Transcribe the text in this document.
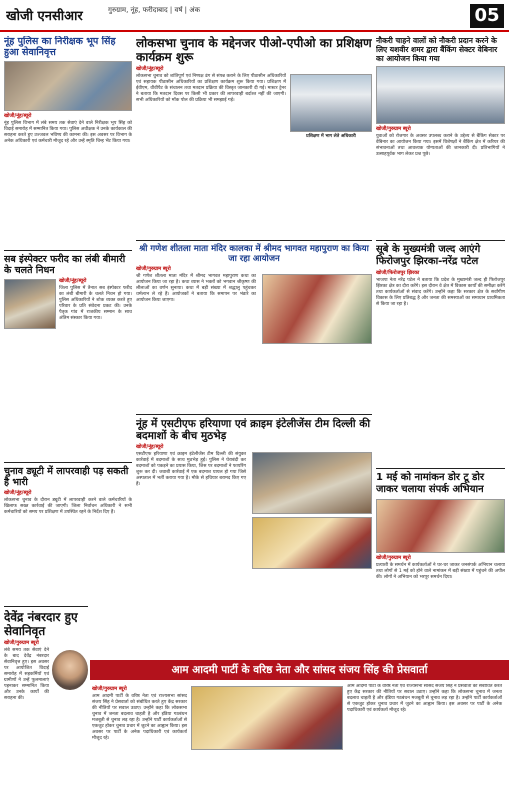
खोजी एनसीआर	गुरुग्राम, नूंह, फरीदाबाद | वर्ष | अंक	05
नूंह पुलिस का निरीक्षक भूप सिंह हुआ सेवानिवृत्त
खोजी/नूंह/ब्यूरो
नूंह पुलिस विभाग में लंबे समय तक सेवाएं देने वाले निरीक्षक भूप सिंह को विदाई समारोह में सम्मानित किया गया। पुलिस अधीक्षक ने उनके कार्यकाल की सराहना करते हुए उज्जवल भविष्य की कामना की। इस अवसर पर विभाग के अनेक अधिकारी एवं कर्मचारी मौजूद रहे और उन्हें स्मृति चिन्ह भेंट किया गया।
सब इंस्पेक्टर फरीद का लंबी बीमारी के चलते निधन
खोजी/नूंह/ब्यूरो
जिला पुलिस में तैनात सब इंस्पेक्टर फरीद का लंबी बीमारी के चलते निधन हो गया। पुलिस अधिकारियों ने शोक व्यक्त करते हुए परिवार के प्रति संवेदना प्रकट की। उनके पैतृक गांव में राजकीय सम्मान के साथ अंतिम संस्कार किया गया।
चुनाव ड्यूटी में लापरवाही पड़ सकती है भारी
खोजी/नूंह/ब्यूरो
लोकसभा चुनाव के दौरान ड्यूटी में लापरवाही करने वाले कर्मचारियों के खिलाफ सख्त कार्रवाई की जाएगी। जिला निर्वाचन अधिकारी ने सभी कर्मचारियों को समय पर प्रशिक्षण में उपस्थित रहने के निर्देश दिए हैं।
देवेंद्र नंबरदार हुए सेवानिवृत
खोजी/गुरुग्राम ब्यूरो
लंबे समय तक सेवाएं देने के बाद देवेंद्र नंबरदार सेवानिवृत्त हुए। इस अवसर पर आयोजित विदाई समारोह में सहकर्मियों एवं ग्रामीणों ने उन्हें फूलमालाएं पहनाकर सम्मानित किया और उनके कार्यों की सराहना की।
लोकसभा चुनाव के मद्देनजर पीओ-एपीओ का प्रशिक्षण कार्यक्रम शुरू
खोजी/नूंह/ब्यूरो
लोकसभा चुनाव को शांतिपूर्ण एवं निष्पक्ष ढंग से संपन्न कराने के लिए पीठासीन अधिकारियों एवं सहायक पीठासीन अधिकारियों का प्रशिक्षण कार्यक्रम शुरू किया गया। प्रशिक्षण में ईवीएम, वीवीपैट के संचालन तथा मतदान प्रक्रिया की विस्तृत जानकारी दी गई। मास्टर ट्रेनर ने बताया कि मतदान दिवस पर किसी भी प्रकार की लापरवाही बर्दाश्त नहीं की जाएगी। सभी अधिकारियों को मॉक पोल की प्रक्रिया भी समझाई गई।
प्रशिक्षण में भाग लेते अधिकारी
श्री गणेश शीतला माता मंदिर कालका में श्रीमद भागवत महापुराण का किया जा रहा आयोजन
खोजी/गुरुग्राम ब्यूरो
श्री गणेश शीतला माता मंदिर में श्रीमद भागवत महापुराण कथा का आयोजन किया जा रहा है। कथा व्यास ने भक्तों को भगवान श्रीकृष्ण की लीलाओं का वर्णन सुनाया। कथा में बड़ी संख्या में श्रद्धालु पहुंचकर धर्मलाभ ले रहे हैं। आयोजकों ने बताया कि समापन पर भंडारे का आयोजन किया जाएगा।
नूंह में एसटीएफ हरियाणा एवं क्राइम इंटेलीजेंस टीम दिल्ली की बदमाशों के बीच मुठभेड़
खोजी/नूंह/ब्यूरो
एसटीएफ हरियाणा एवं क्राइम इंटेलीजेंस टीम दिल्ली की संयुक्त कार्रवाई में बदमाशों के साथ मुठभेड़ हुई। पुलिस ने घेराबंदी कर बदमाशों को पकड़ने का प्रयास किया, जिस पर बदमाशों ने फायरिंग शुरू कर दी। जवाबी कार्रवाई में एक बदमाश घायल हो गया जिसे अस्पताल में भर्ती कराया गया है। मौके से हथियार बरामद किए गए हैं।
नौकरी चाहने वालों को नौकरी प्रदान करने के लिए यशवीर शमर द्वारा बैंकिंग सेक्टर वेबिनार का आयोजन किया गया
खोजी/गुरुग्राम ब्यूरो
युवाओं को रोजगार के अवसर उपलब्ध कराने के उद्देश्य से बैंकिंग सेक्टर पर वेबिनार का आयोजन किया गया। इसमें विशेषज्ञों ने बैंकिंग क्षेत्र में करियर की संभावनाओं तथा आवश्यक योग्यताओं की जानकारी दी। प्रतिभागियों ने उत्साहपूर्वक भाग लेकर प्रश्न पूछे।
सूबे के मुख्यमंत्री जल्द आएंगे फिरोजपुर झिरका-नरेंद्र पटेल
खोजी/फिरोजपुर झिरका
भाजपा नेता नरेंद्र पटेल ने बताया कि प्रदेश के मुख्यमंत्री जल्द ही फिरोजपुर झिरका क्षेत्र का दौरा करेंगे। इस दौरान वे क्षेत्र में विकास कार्यों की समीक्षा करेंगे तथा कार्यकर्ताओं से संवाद करेंगे। उन्होंने कहा कि सरकार क्षेत्र के सर्वांगीण विकास के लिए प्रतिबद्ध है और जनता की समस्याओं का समाधान प्राथमिकता से किया जा रहा है।
1 मई को नामांकन डोर टू डोर जाकर चलाया संपर्क अभियान
खोजी/गुरुग्राम ब्यूरो
प्रत्याशी के समर्थन में कार्यकर्ताओं ने घर-घर जाकर जनसंपर्क अभियान चलाया तथा लोगों से 1 मई को होने वाले नामांकन में बड़ी संख्या में पहुंचने की अपील की। लोगों ने अभियान को भरपूर समर्थन दिया।
आम आदमी पार्टी के वरिष्ठ नेता और सांसद संजय सिंह की प्रेसवार्ता
खोजी/गुरुग्राम ब्यूरो
आम आदमी पार्टी के वरिष्ठ नेता एवं राज्यसभा सांसद संजय सिंह ने प्रेसवार्ता को संबोधित करते हुए केंद्र सरकार की नीतियों पर सवाल उठाए। उन्होंने कहा कि लोकसभा चुनाव में जनता बदलाव चाहती है और इंडिया गठबंधन मजबूती से चुनाव लड़ रहा है। उन्होंने पार्टी कार्यकर्ताओं से एकजुट होकर चुनाव प्रचार में जुटने का आह्वान किया। इस अवसर पर पार्टी के अनेक पदाधिकारी एवं कार्यकर्ता मौजूद रहे।
आम आदमी पार्टी के वरिष्ठ नेता एवं राज्यसभा सांसद संजय सिंह ने प्रेसवार्ता को संबोधित करते हुए केंद्र सरकार की नीतियों पर सवाल उठाए। उन्होंने कहा कि लोकसभा चुनाव में जनता बदलाव चाहती है और इंडिया गठबंधन मजबूती से चुनाव लड़ रहा है। उन्होंने पार्टी कार्यकर्ताओं से एकजुट होकर चुनाव प्रचार में जुटने का आह्वान किया। इस अवसर पर पार्टी के अनेक पदाधिकारी एवं कार्यकर्ता मौजूद रहे।
